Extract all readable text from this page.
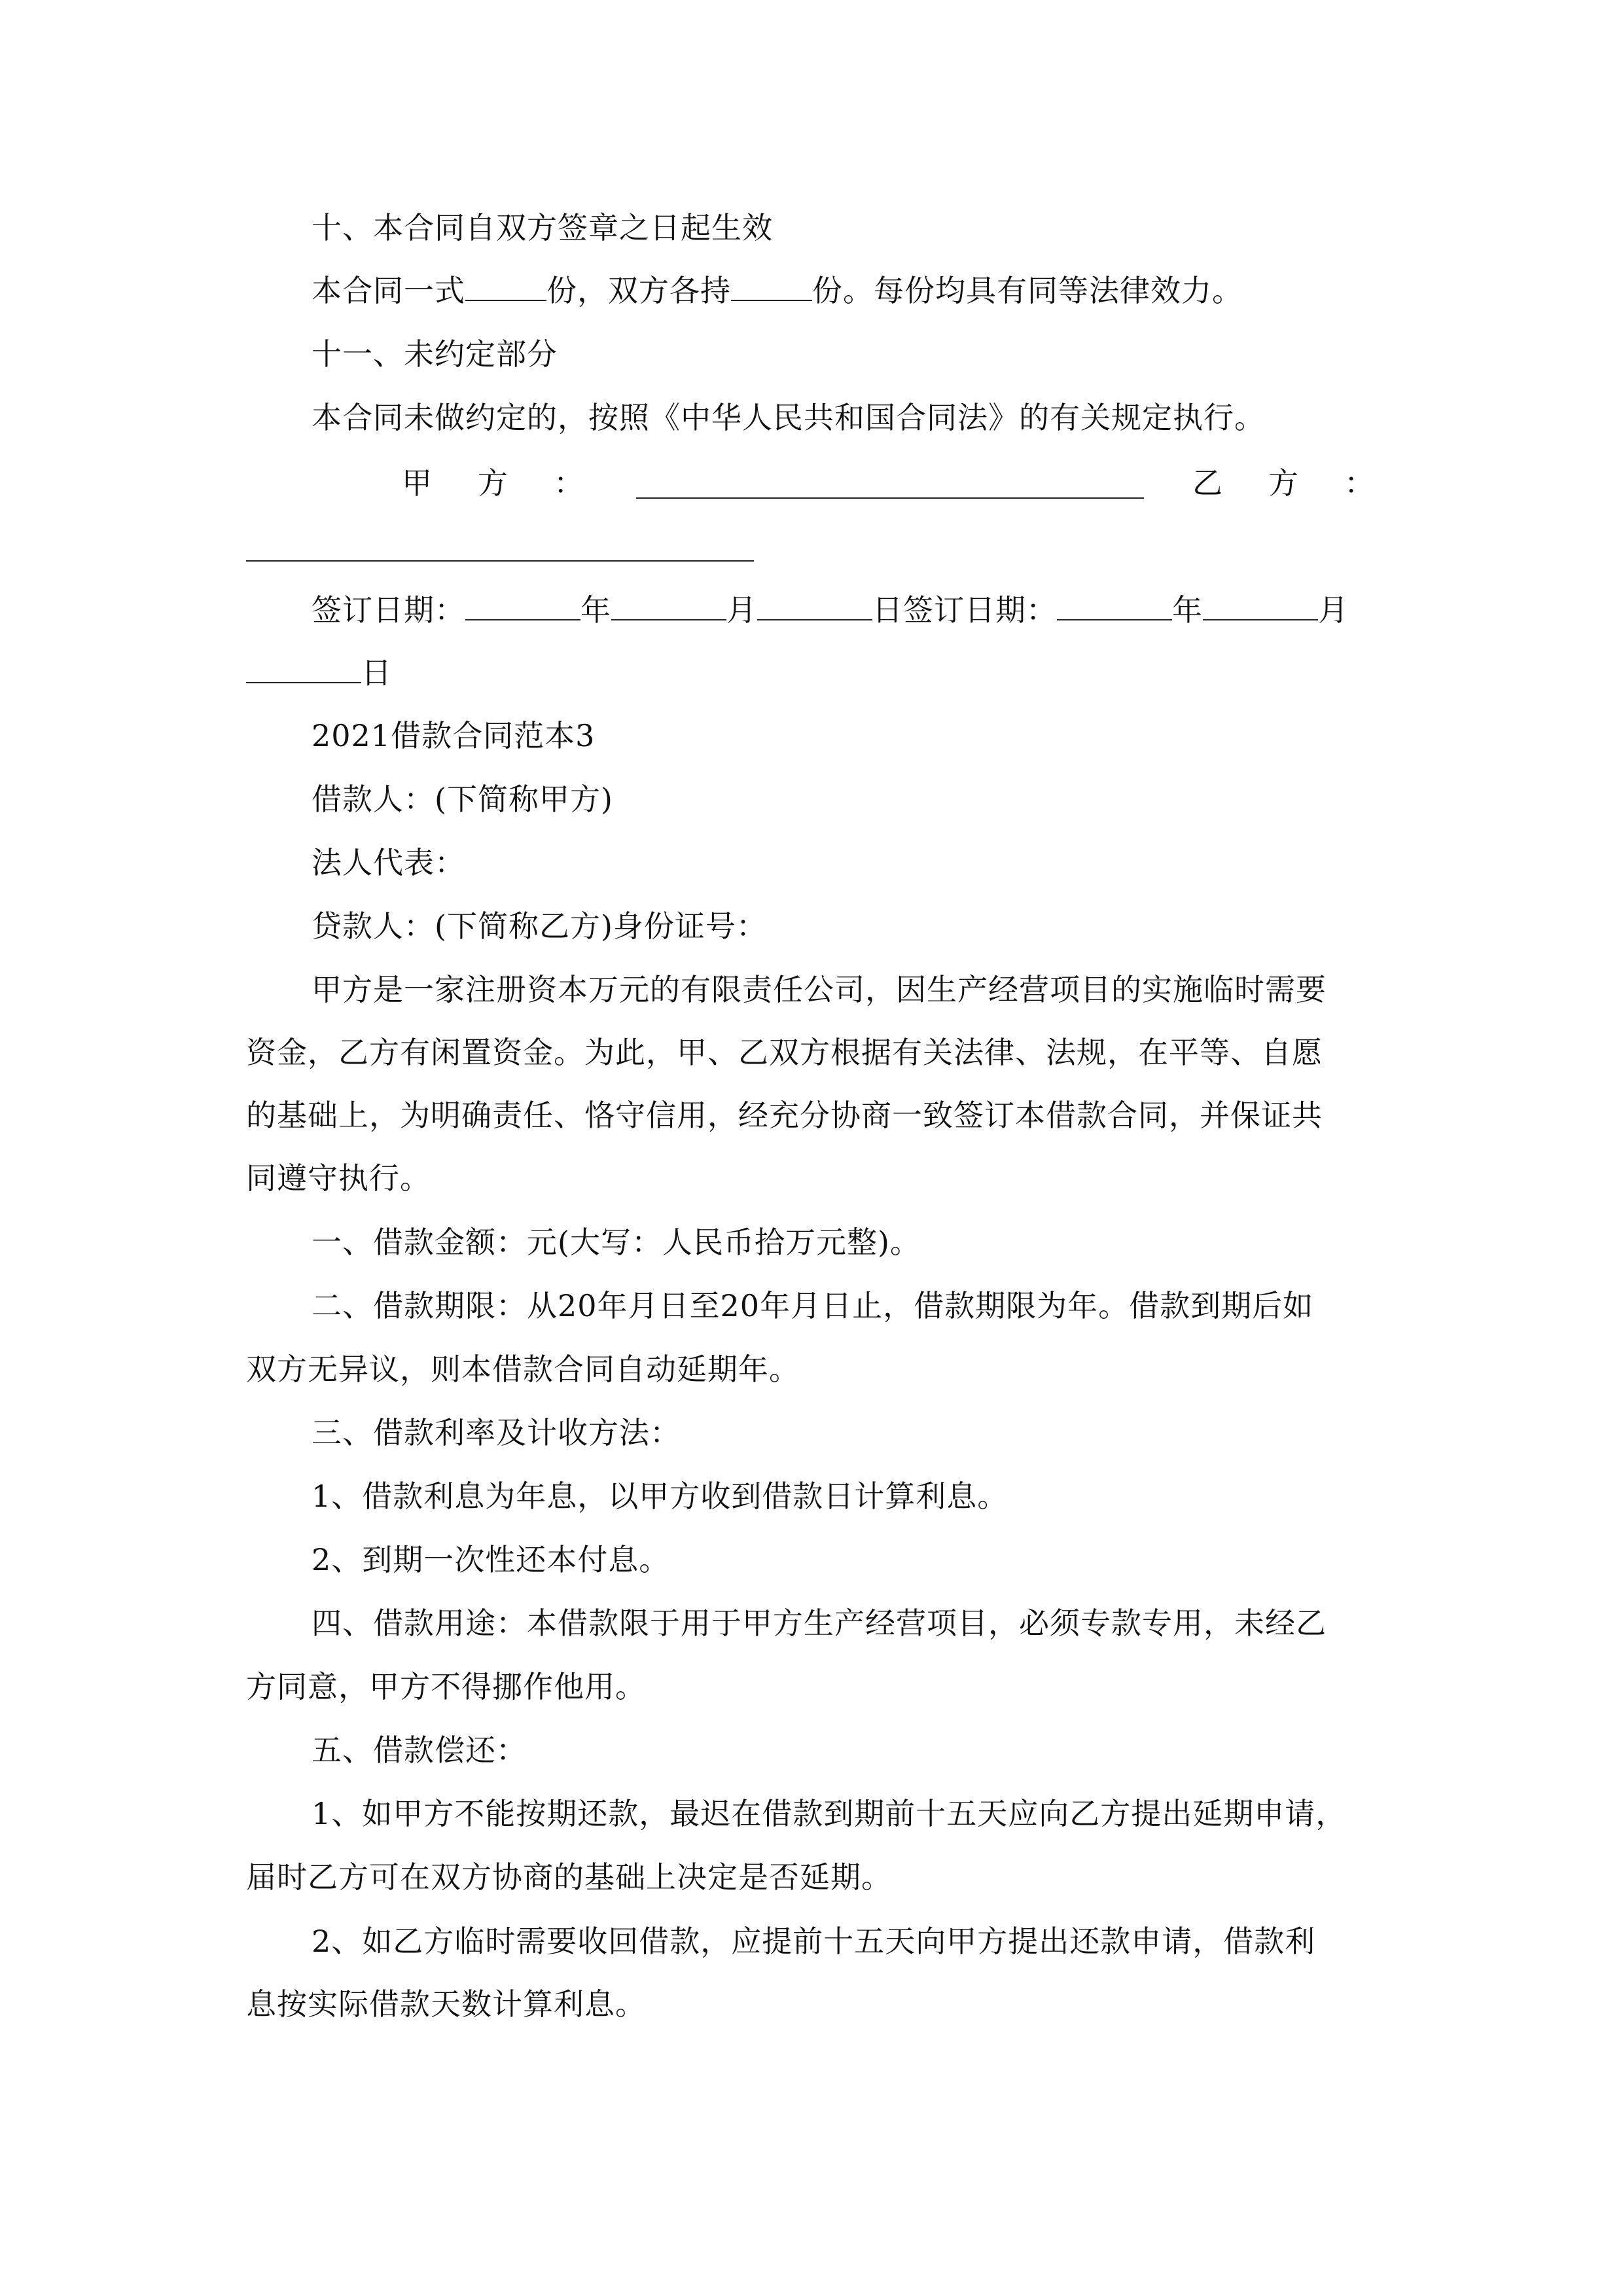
十、本合同自双方签章之日起生效
本合同一式	份，双方各持	份。每份均具有同等法律效力。
十一、未约定部分
本合同未做约定的，按照《中华人民共和国合同法》的有关规定执行。
甲 方 ：	乙 方 ：
签订日期：	年	月	日签订日期：	年	月
日
2021借款合同范本3
借款人：(下简称甲方)
法人代表：
贷款人：(下简称乙方)身份证号：
甲方是一家注册资本万元的有限责任公司，因生产经营项目的实施临时需要
资金，乙方有闲置资金。为此，甲、乙双方根据有关法律、法规，在平等、自愿
的基础上，为明确责任、恪守信用，经充分协商一致签订本借款合同，并保证共
同遵守执行。
一、借款金额：元(大写：人民币拾万元整)。
二、借款期限：从20年月日至20年月日止，借款期限为年。借款到期后如
双方无异议，则本借款合同自动延期年。
三、借款利率及计收方法：
1、借款利息为年息，以甲方收到借款日计算利息。
2、到期一次性还本付息。
四、借款用途：本借款限于用于甲方生产经营项目，必须专款专用，未经乙
方同意，甲方不得挪作他用。
五、借款偿还：
1、如甲方不能按期还款，最迟在借款到期前十五天应向乙方提出延期申请，
届时乙方可在双方协商的基础上决定是否延期。
2、如乙方临时需要收回借款，应提前十五天向甲方提出还款申请，借款利
息按实际借款天数计算利息。
